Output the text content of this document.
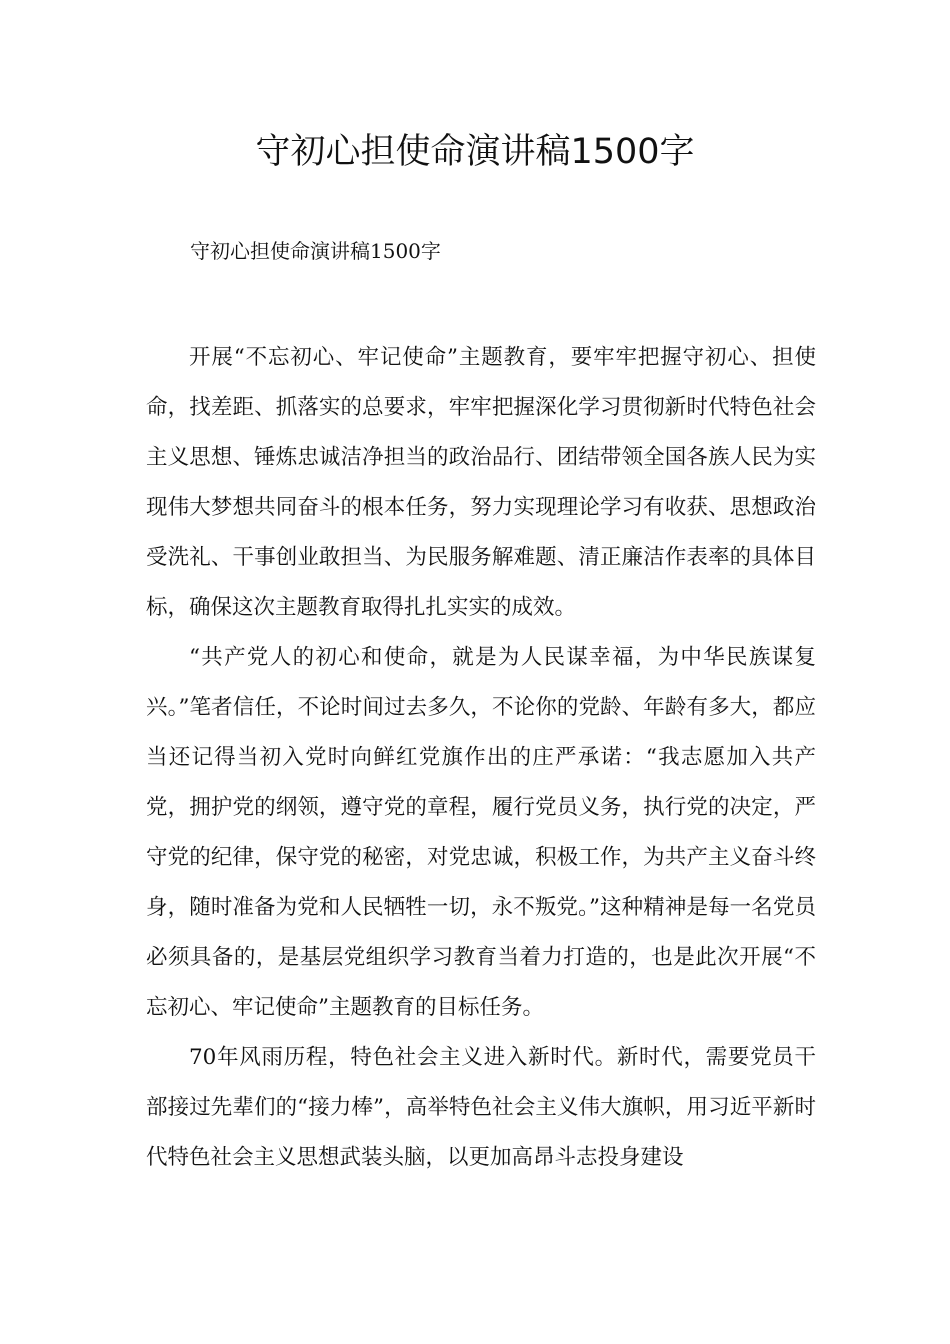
守初心担使命演讲稿1500字

守初心担使命演讲稿1500字

开展“不忘初心、牢记使命”主题教育，要牢牢把握守初心、担使命，找差距、抓落实的总要求，牢牢把握深化学习贯彻新时代特色社会主义思想、锤炼忠诚洁净担当的政治品行、团结带领全国各族人民为实现伟大梦想共同奋斗的根本任务，努力实现理论学习有收获、思想政治受洗礼、干事创业敢担当、为民服务解难题、清正廉洁作表率的具体目标，确保这次主题教育取得扎扎实实的成效。

“共产党人的初心和使命，就是为人民谋幸福，为中华民族谋复兴。”笔者信任，不论时间过去多久，不论你的党龄、年龄有多大，都应当还记得当初入党时向鲜红党旗作出的庄严承诺：“我志愿加入共产党，拥护党的纲领，遵守党的章程，履行党员义务，执行党的决定，严守党的纪律，保守党的秘密，对党忠诚，积极工作，为共产主义奋斗终身，随时准备为党和人民牺牲一切，永不叛党。”这种精神是每一名党员必须具备的，是基层党组织学习教育当着力打造的，也是此次开展“不忘初心、牢记使命”主题教育的目标任务。

70年风雨历程，特色社会主义进入新时代。新时代，需要党员干部接过先辈们的“接力棒”，高举特色社会主义伟大旗帜，用习近平新时代特色社会主义思想武装头脑，以更加高昂斗志投身建设
